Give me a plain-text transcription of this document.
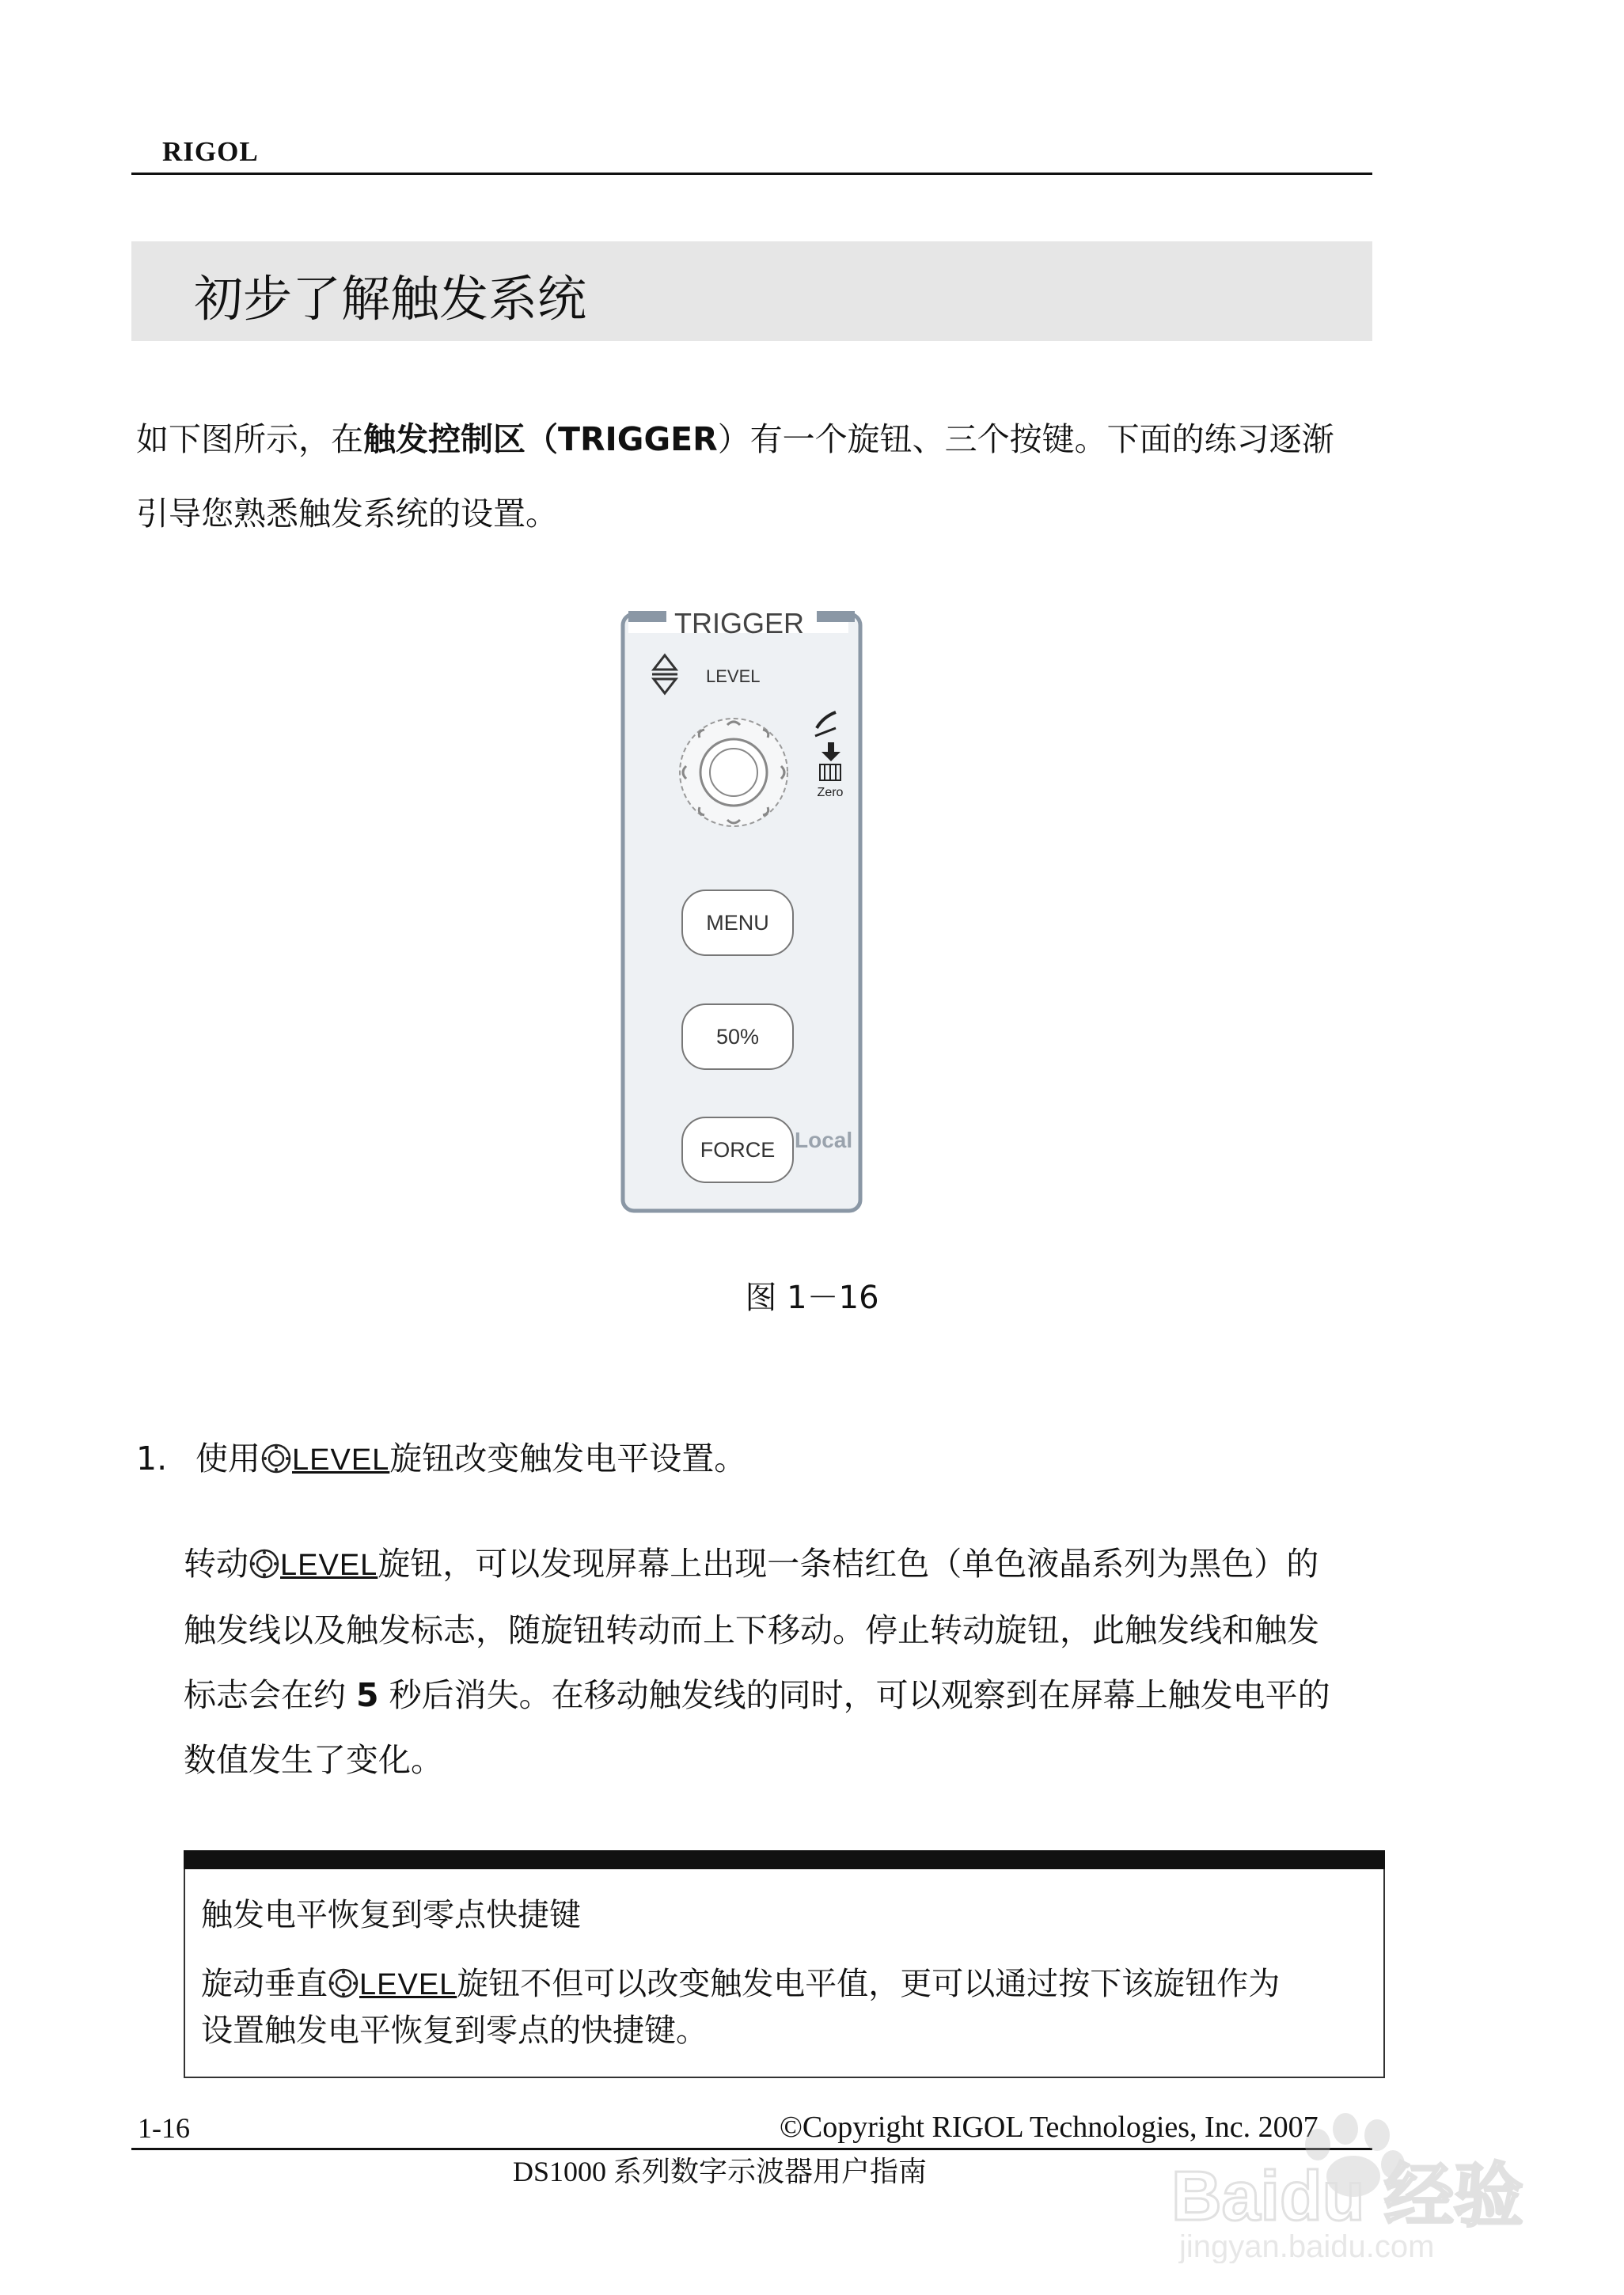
RIGOL
初步了解触发系统
如下图所示，在触发控制区（TRIGGER）有一个旋钮、三个按键。下面的练习逐渐
引导您熟悉触发系统的设置。
TRIGGER
LEVEL
Zero
MENU
50%
FORCE Local
图 1－16
1. 使用 LEVEL旋钮改变触发电平设置。
转动 LEVEL旋钮，可以发现屏幕上出现一条桔红色（单色液晶系列为黑色）的
触发线以及触发标志，随旋钮转动而上下移动。停止转动旋钮，此触发线和触发
标志会在约 5 秒后消失。在移动触发线的同时，可以观察到在屏幕上触发电平的
数值发生了变化。
触发电平恢复到零点快捷键
旋动垂直 LEVEL旋钮不但可以改变触发电平值，更可以通过按下该旋钮作为
设置触发电平恢复到零点的快捷键。
1-16	©Copyright RIGOL Technologies, Inc. 2007
DS1000 系列数字示波器用户指南	Baidu 经验
jingyan.baidu.com
